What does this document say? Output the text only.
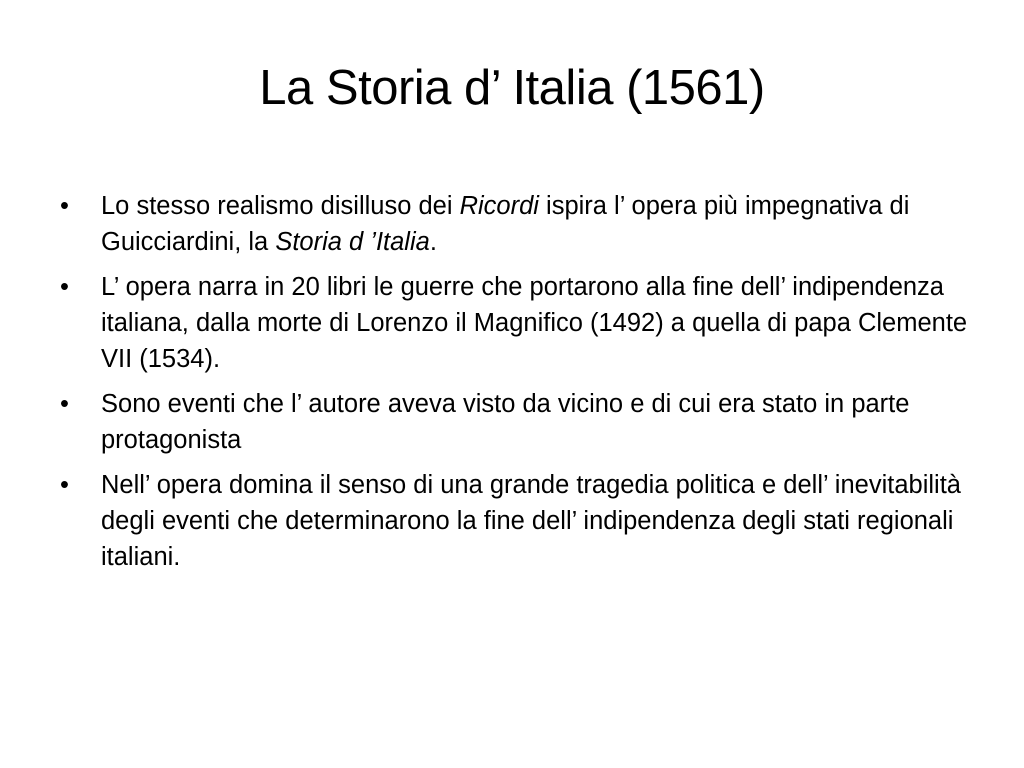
La Storia d’ Italia (1561)
•	Lo stesso realismo disilluso dei Ricordi ispira l’ opera più impegnativa di Guicciardini, la Storia d ’Italia.
•	L’ opera narra in 20 libri le guerre che portarono alla fine dell’ indipendenza italiana, dalla morte di Lorenzo il Magnifico (1492) a quella di papa Clemente VII (1534).
•	Sono eventi che l’ autore aveva visto da vicino e di cui era stato in parte protagonista
•	Nell’ opera domina il senso di una grande tragedia politica e dell’ inevitabilità degli eventi che determinarono la fine dell’ indipendenza degli stati regionali italiani.
